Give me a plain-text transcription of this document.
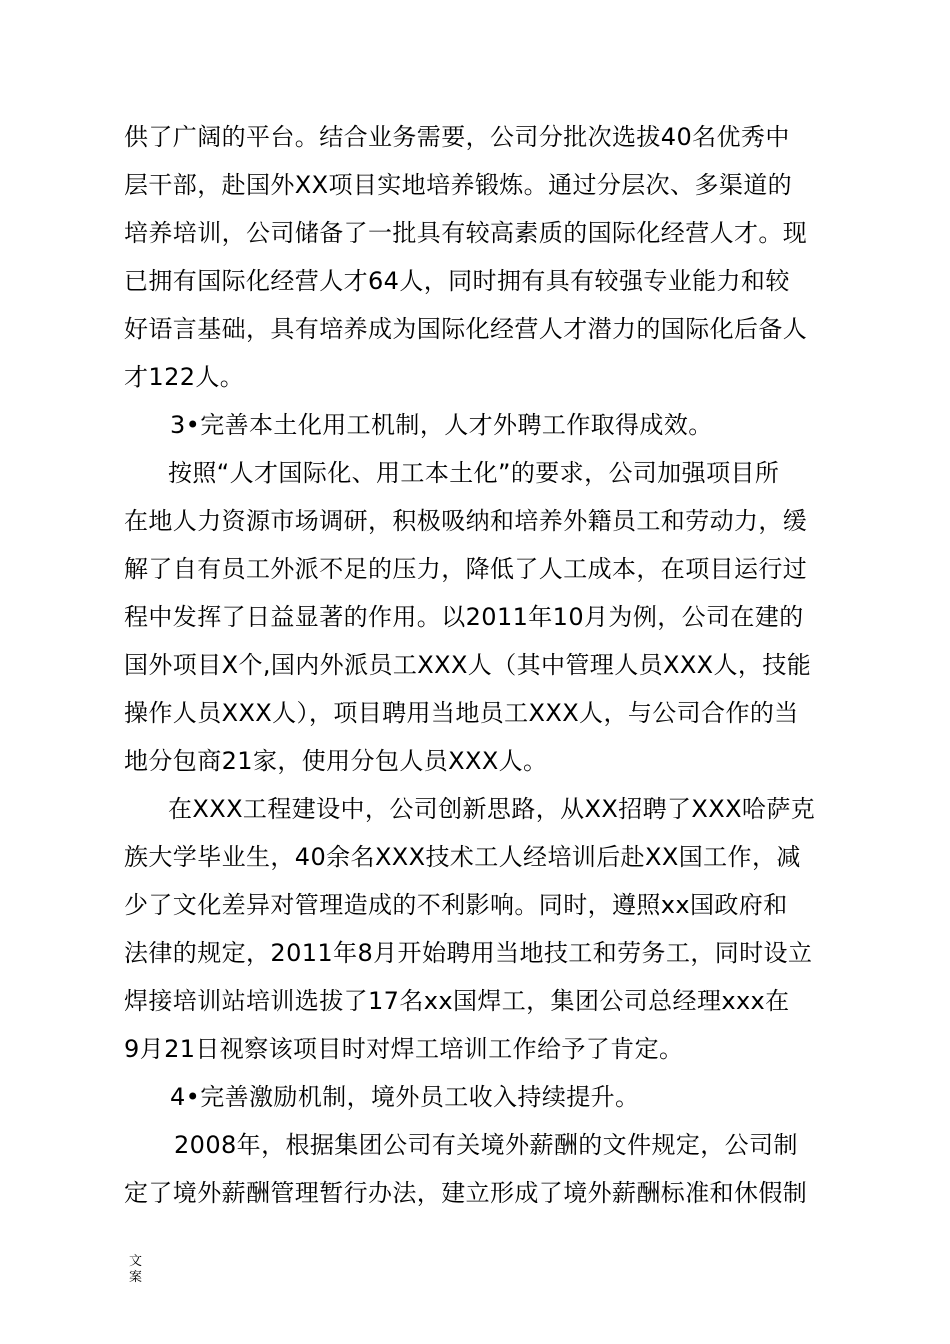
供了广阔的平台。结合业务需要，公司分批次选拔40名优秀中
层干部，赴国外XX项目实地培养锻炼。通过分层次、多渠道的
培养培训，公司储备了一批具有较高素质的国际化经营人才。现
已拥有国际化经营人才64人，同时拥有具有较强专业能力和较
好语言基础，具有培养成为国际化经营人才潜力的国际化后备人
才122人。
3•完善本土化用工机制，人才外聘工作取得成效。
按照“人才国际化、用工本土化”的要求，公司加强项目所
在地人力资源市场调研，积极吸纳和培养外籍员工和劳动力，缓
解了自有员工外派不足的压力，降低了人工成本，在项目运行过
程中发挥了日益显著的作用。以2011年10月为例，公司在建的
国外项目X个,国内外派员工XXX人（其中管理人员XXX人，技能
操作人员XXX人），项目聘用当地员工XXX人，与公司合作的当
地分包商21家，使用分包人员XXX人。
在XXX工程建设中，公司创新思路，从XX招聘了XXX哈萨克
族大学毕业生，40余名XXX技术工人经培训后赴XX国工作，减
少了文化差异对管理造成的不利影响。同时，遵照xx国政府和
法律的规定，2011年8月开始聘用当地技工和劳务工，同时设立
焊接培训站培训选拔了17名xx国焊工，集团公司总经理xxx在
9月21日视察该项目时对焊工培训工作给予了肯定。
4•完善激励机制，境外员工收入持续提升。
2008年，根据集团公司有关境外薪酬的文件规定，公司制
定了境外薪酬管理暂行办法，建立形成了境外薪酬标准和休假制
文
案
